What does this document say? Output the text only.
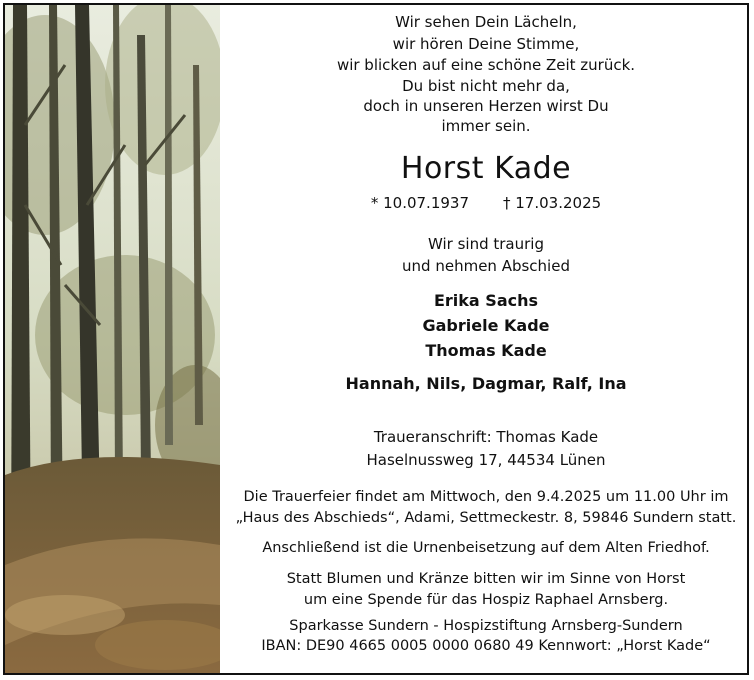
Wir sehen Dein Lächeln,
wir hören Deine Stimme,
wir blicken auf eine schöne Zeit zurück.
Du bist nicht mehr da,
doch in unseren Herzen wirst Du
immer sein.
Horst Kade
* 10.07.1937 † 17.03.2025
Wir sind traurig
und nehmen Abschied
Erika Sachs
Gabriele Kade
Thomas Kade
Hannah, Nils, Dagmar, Ralf, Ina
Traueranschrift: Thomas Kade
Haselnussweg 17, 44534 Lünen
Die Trauerfeier findet am Mittwoch, den 9.4.2025 um 11.00 Uhr im
„Haus des Abschieds“, Adami, Settmeckestr. 8, 59846 Sundern statt.
Anschließend ist die Urnenbeisetzung auf dem Alten Friedhof.
Statt Blumen und Kränze bitten wir im Sinne von Horst
um eine Spende für das Hospiz Raphael Arnsberg.
Sparkasse Sundern - Hospizstiftung Arnsberg-Sundern
IBAN: DE90 4665 0005 0000 0680 49 Kennwort: „Horst Kade“
